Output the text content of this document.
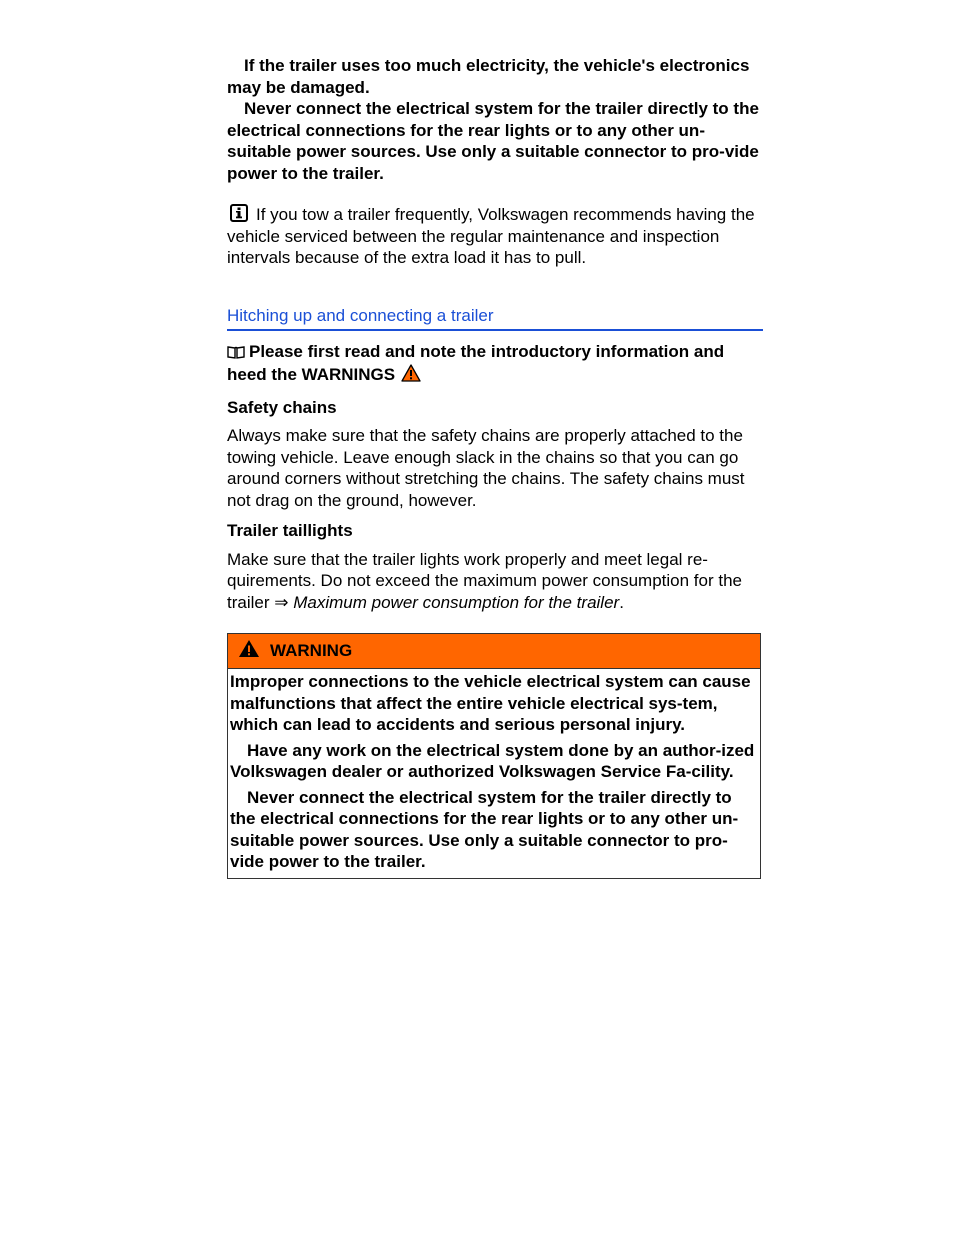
If the trailer uses too much electricity, the vehicle's electronics may be damaged.

Never connect the electrical system for the trailer directly to the electrical connections for the rear lights or to any other un-suitable power sources. Use only a suitable connector to pro-vide power to the trailer.

If you tow a trailer frequently, Volkswagen recommends having the vehicle serviced between the regular maintenance and inspection intervals because of the extra load it has to pull.

Hitching up and connecting a trailer

Please first read and note the introductory information and heed the WARNINGS

Safety chains

Always make sure that the safety chains are properly attached to the towing vehicle. Leave enough slack in the chains so that you can go around corners without stretching the chains. The safety chains must not drag on the ground, however.

Trailer taillights

Make sure that the trailer lights work properly and meet legal re-quirements. Do not exceed the maximum power consumption for the trailer ⇒ Maximum power consumption for the trailer.

WARNING

Improper connections to the vehicle electrical system can cause malfunctions that affect the entire vehicle electrical sys-tem, which can lead to accidents and serious personal injury.

Have any work on the electrical system done by an author-ized Volkswagen dealer or authorized Volkswagen Service Fa-cility.

Never connect the electrical system for the trailer directly to the electrical connections for the rear lights or to any other un-suitable power sources. Use only a suitable connector to pro-vide power to the trailer.
